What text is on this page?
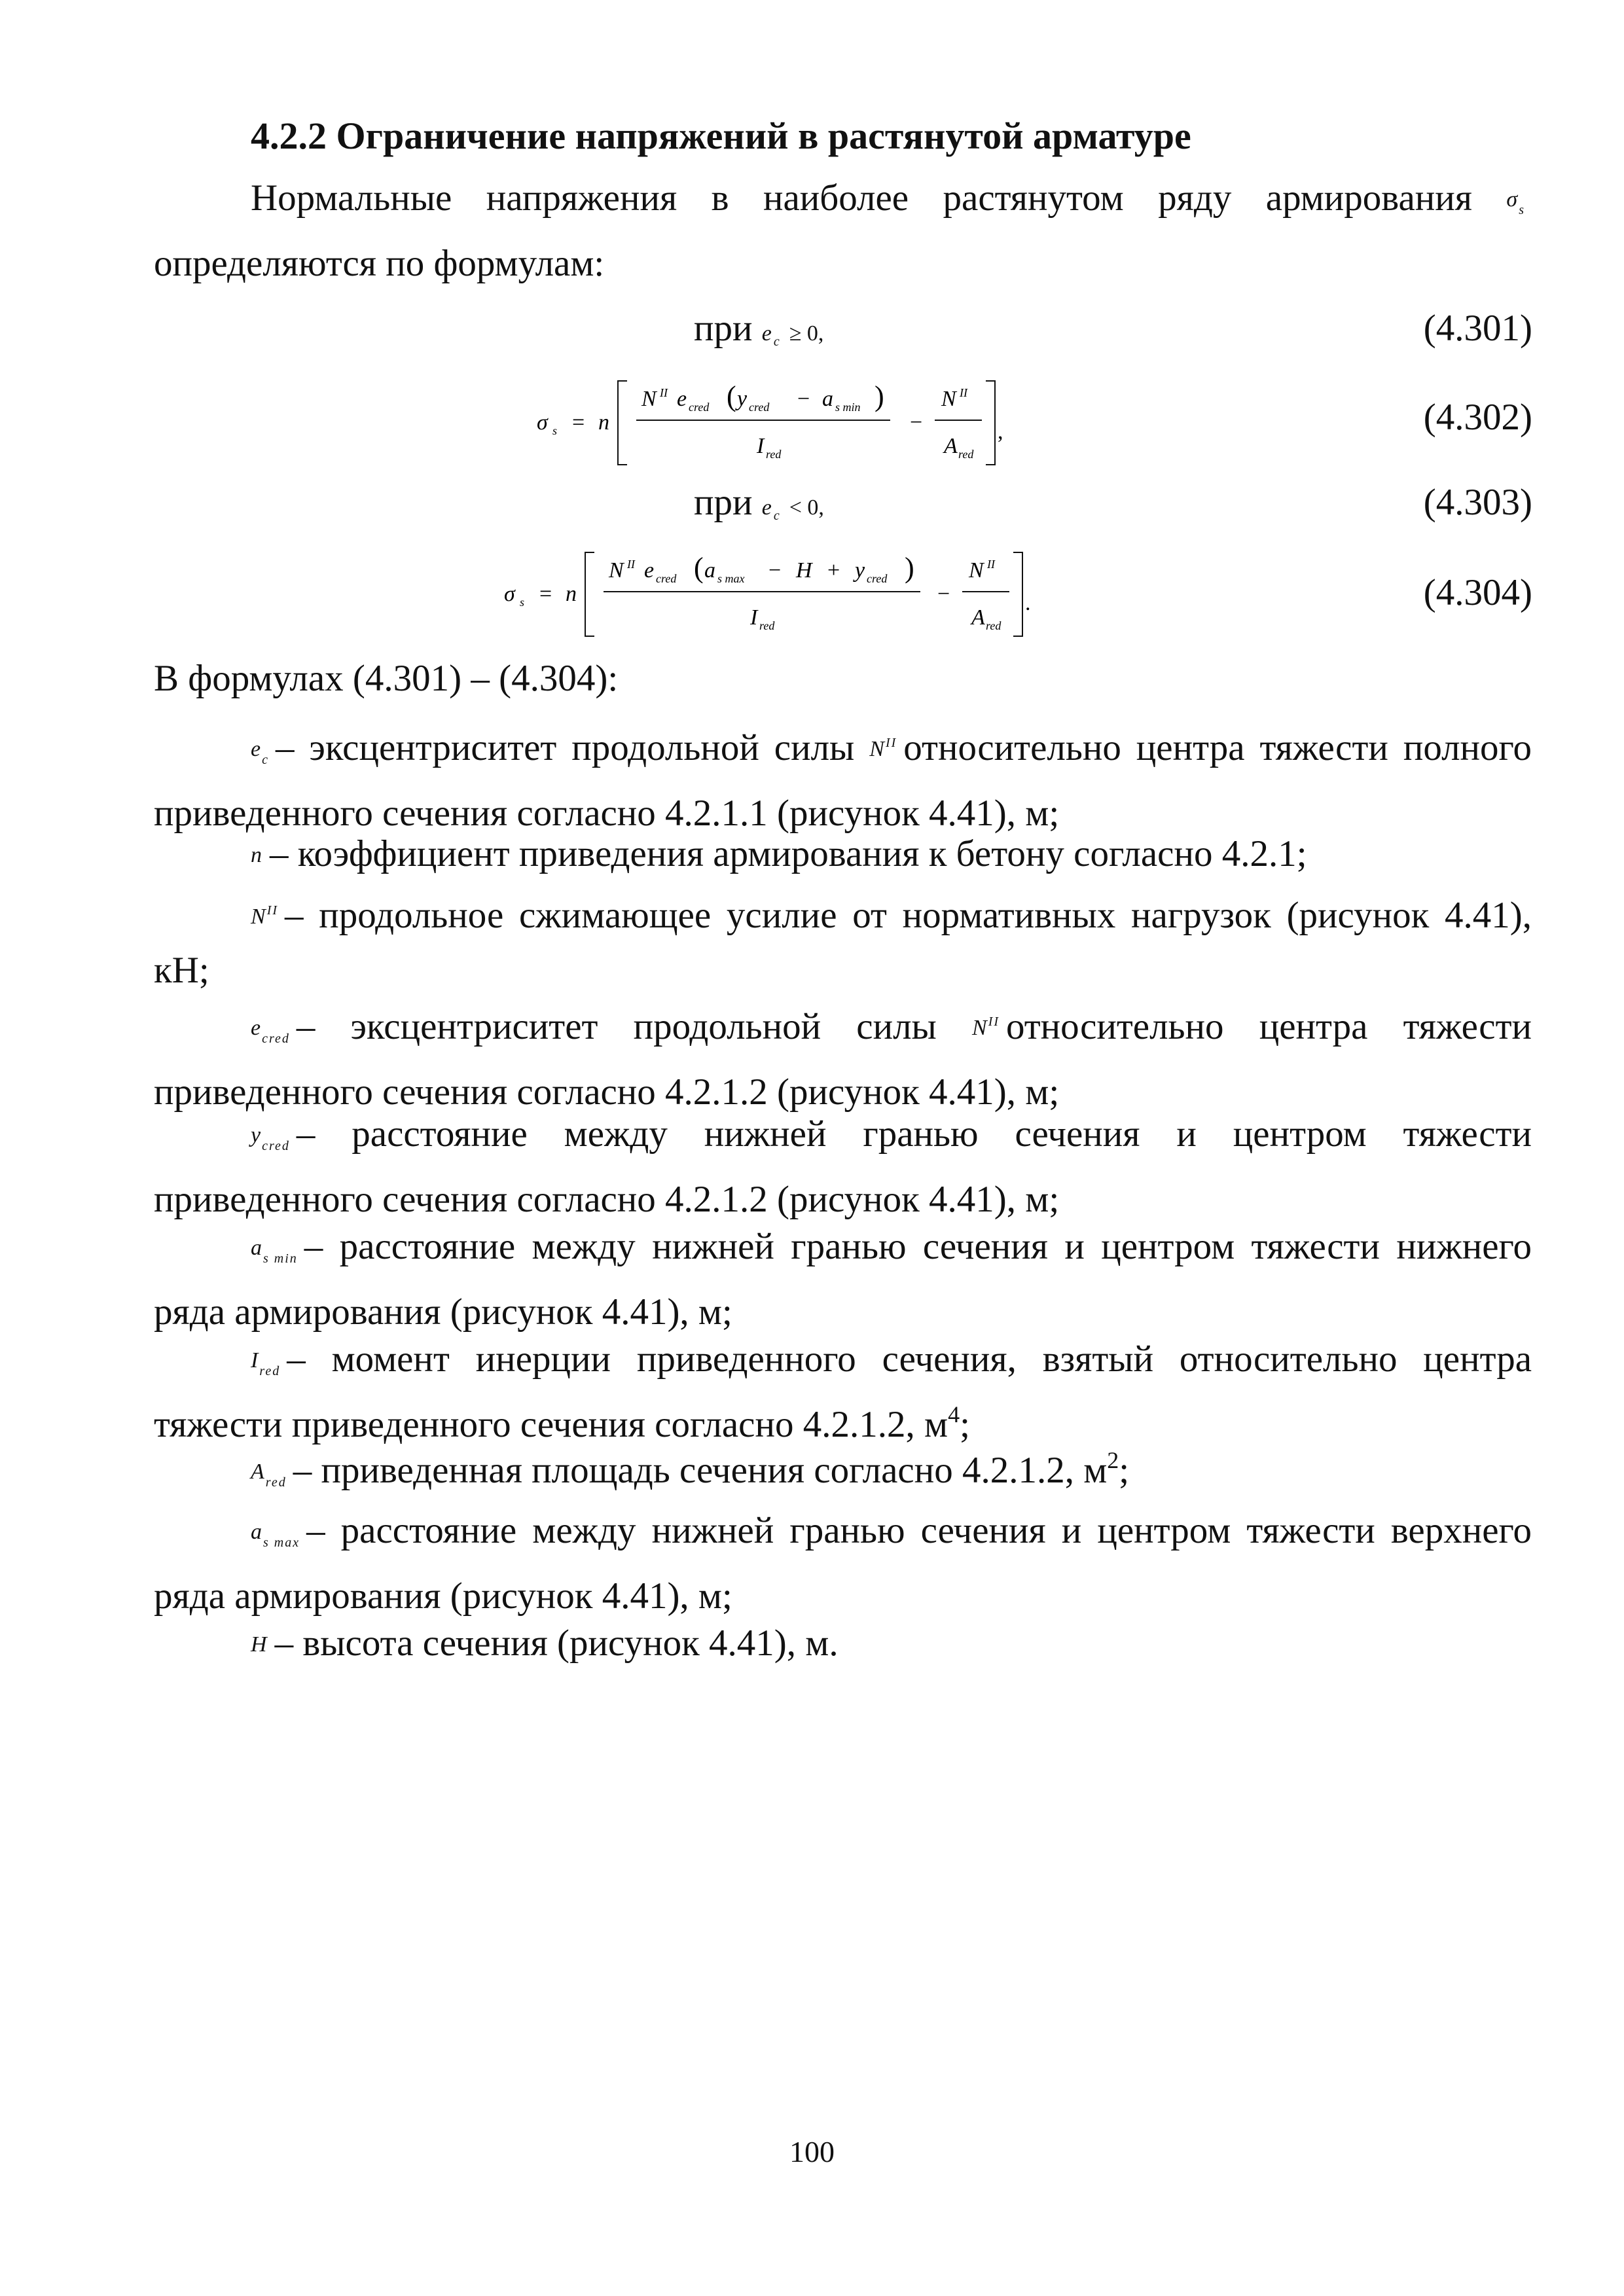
4.2.2 Ограничение напряжений в растянутой арматуре

Нормальные напряжения в наиболее растянутом ряду армирования $\sigma_s$ определяются по формулам:

при $e_c \ge 0$,	(4.301)
σ s = n
N II e cred ( y cred − a s min )
I red
−
N II
A red
,	(4.302)
при $e_c < 0$,	(4.303)
σ s = n
N II e cred ( a s max − H + y cred )
I red
−
N II
A red
.	(4.304)

В формулах (4.301) – (4.304):

$e_c$ – эксцентриситет продольной силы $N^{II}$ относительно центра тяжести полного приведенного сечения согласно 4.2.1.1 (рисунок 4.41), м;

n – коэффициент приведения армирования к бетону согласно 4.2.1;

$N^{II}$ – продольное сжимающее усилие от нормативных нагрузок (рисунок 4.41), кН;

$e_{cred}$ – эксцентриситет продольной силы $N^{II}$ относительно центра тяжести приведенного сечения согласно 4.2.1.2 (рисунок 4.41), м;

$y_{cred}$ – расстояние между нижней гранью сечения и центром тяжести приведенного сечения согласно 4.2.1.2 (рисунок 4.41), м;

$a_{s min}$ – расстояние между нижней гранью сечения и центром тяжести нижнего ряда армирования (рисунок 4.41), м;

$I_{red}$ – момент инерции приведенного сечения, взятый относительно центра тяжести приведенного сечения согласно 4.2.1.2, $м^4$;

$A_{red}$ – приведенная площадь сечения согласно 4.2.1.2, $м^2$;

$a_{s max}$ – расстояние между нижней гранью сечения и центром тяжести верхнего ряда армирования (рисунок 4.41), м;

H – высота сечения (рисунок 4.41), м.

100
